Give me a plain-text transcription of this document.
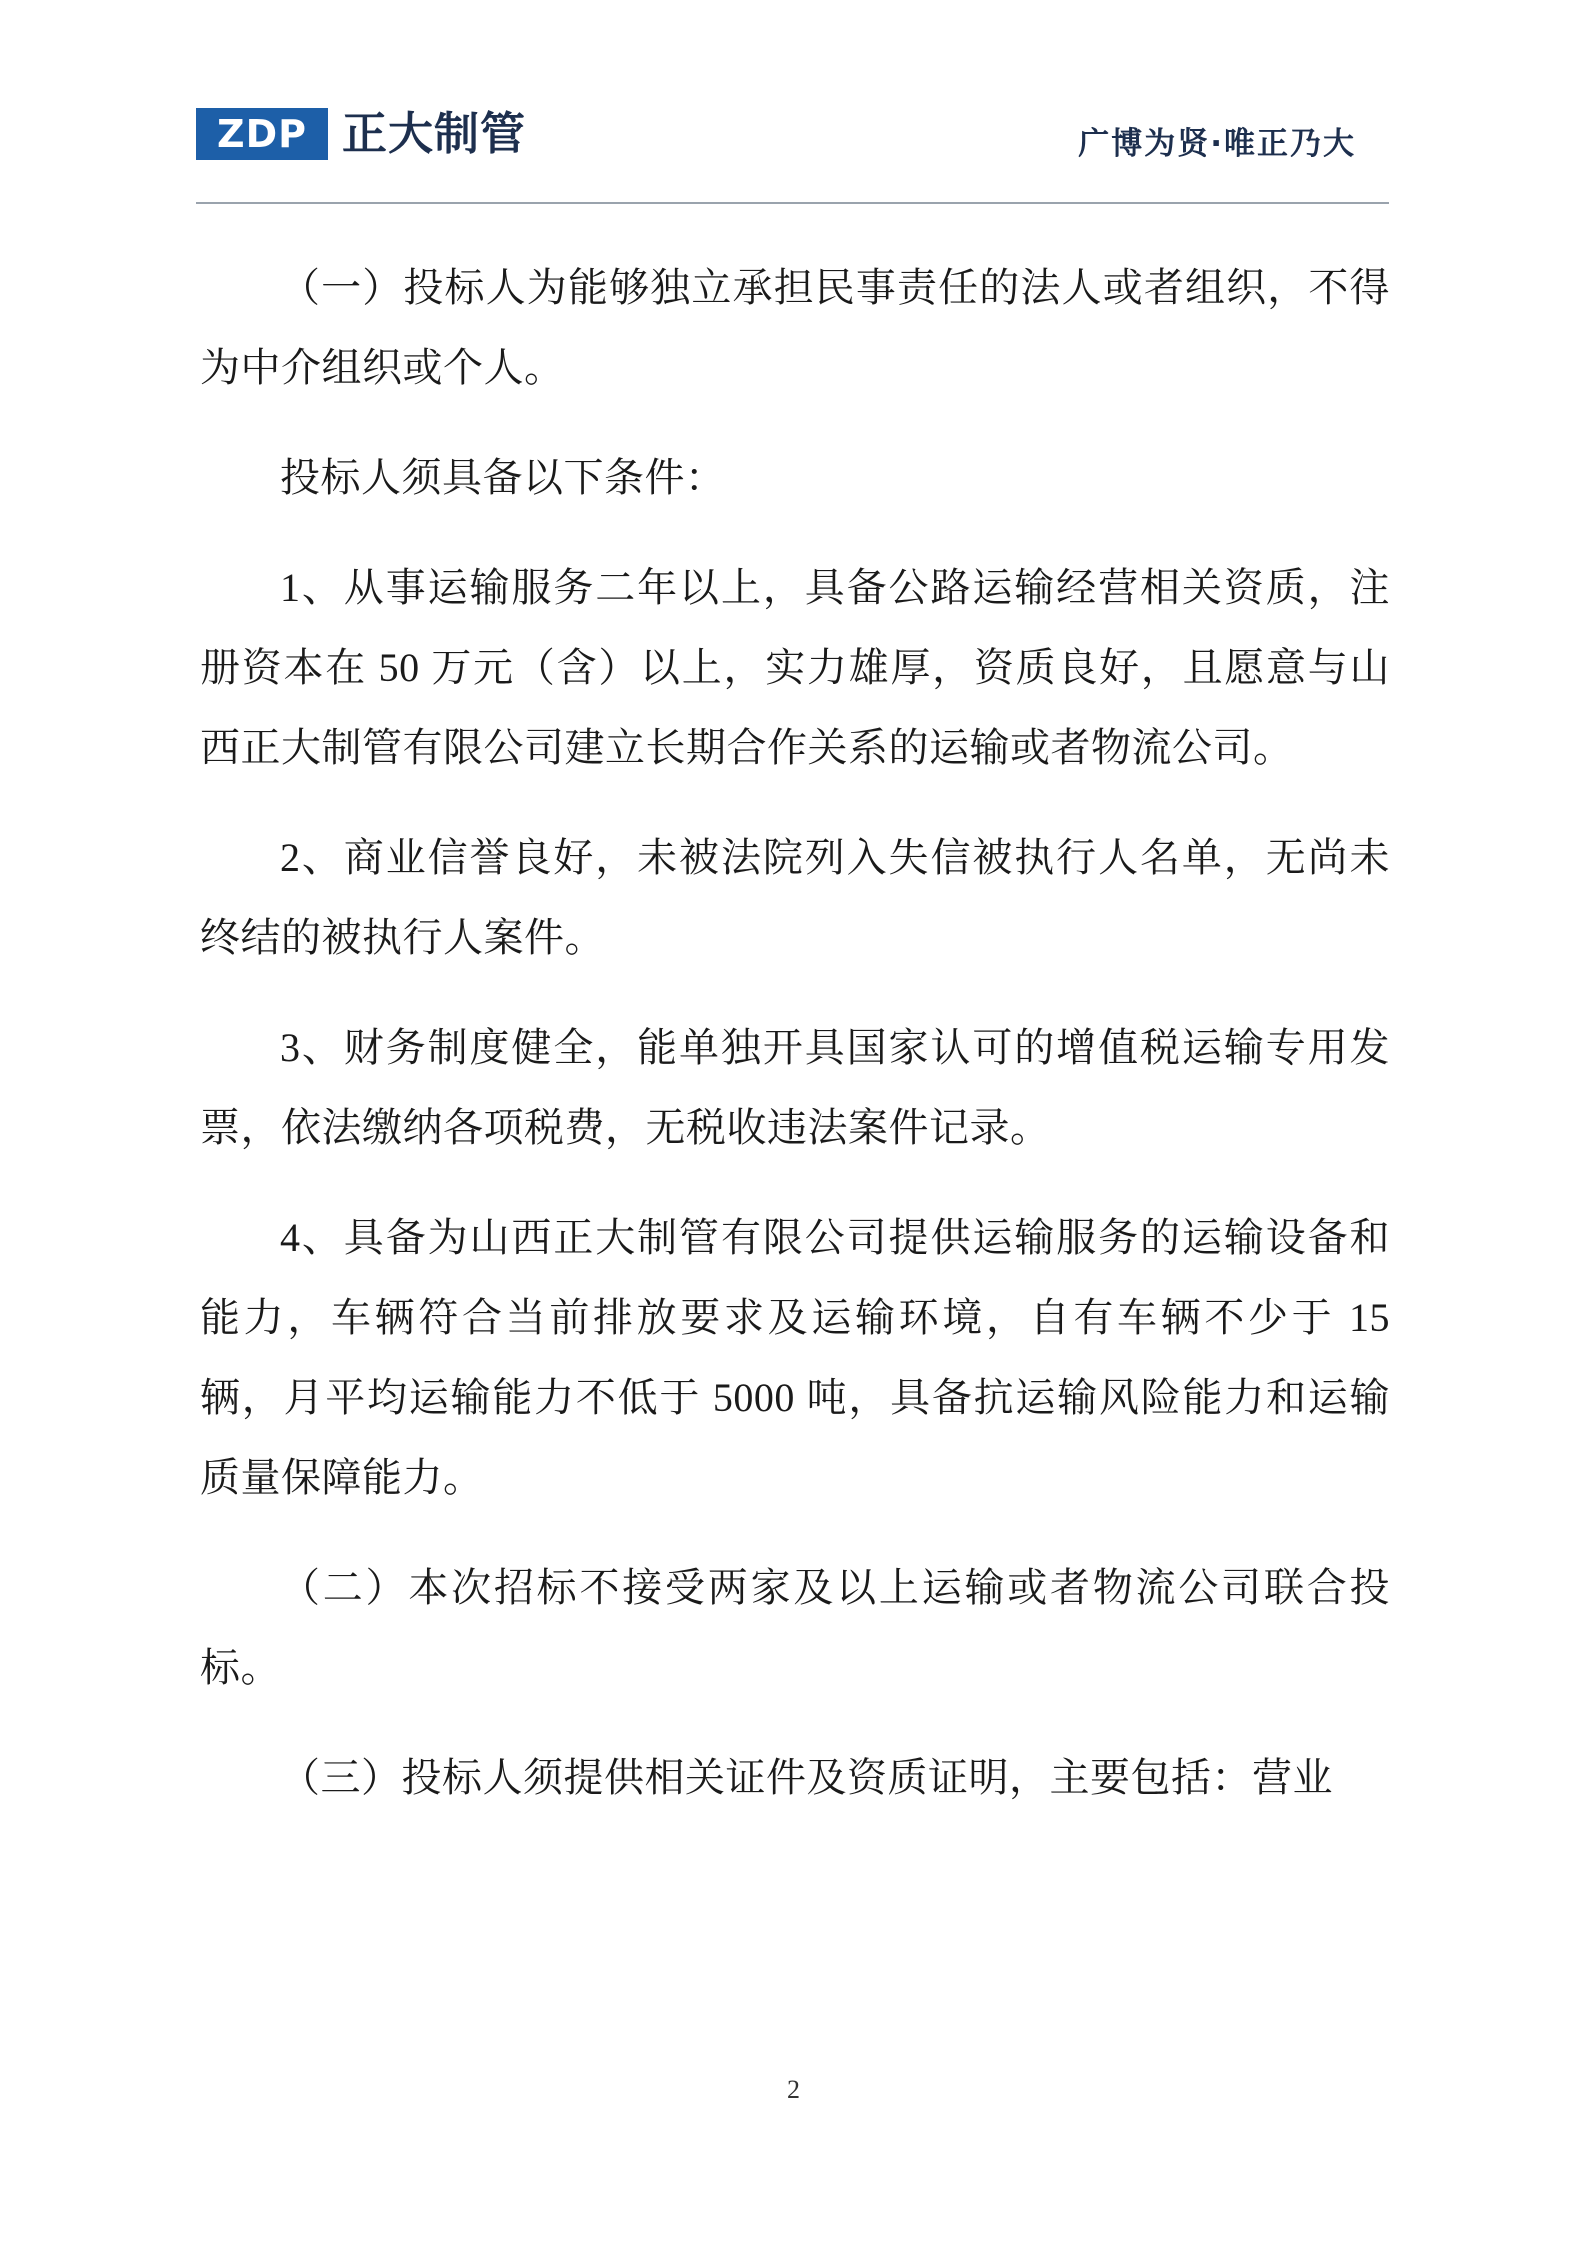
ZDP 正大制管	广博为贤·唯正乃大

（一）投标人为能够独立承担民事责任的法人或者组织，不得为中介组织或个人。

投标人须具备以下条件：

1、从事运输服务二年以上，具备公路运输经营相关资质，注册资本在 50 万元（含）以上，实力雄厚，资质良好，且愿意与山西正大制管有限公司建立长期合作关系的运输或者物流公司。

2、商业信誉良好，未被法院列入失信被执行人名单，无尚未终结的被执行人案件。

3、财务制度健全，能单独开具国家认可的增值税运输专用发票，依法缴纳各项税费，无税收违法案件记录。

4、具备为山西正大制管有限公司提供运输服务的运输设备和能力，车辆符合当前排放要求及运输环境，自有车辆不少于 15 辆，月平均运输能力不低于 5000 吨，具备抗运输风险能力和运输质量保障能力。

（二）本次招标不接受两家及以上运输或者物流公司联合投标。

（三）投标人须提供相关证件及资质证明，主要包括：营业

2
